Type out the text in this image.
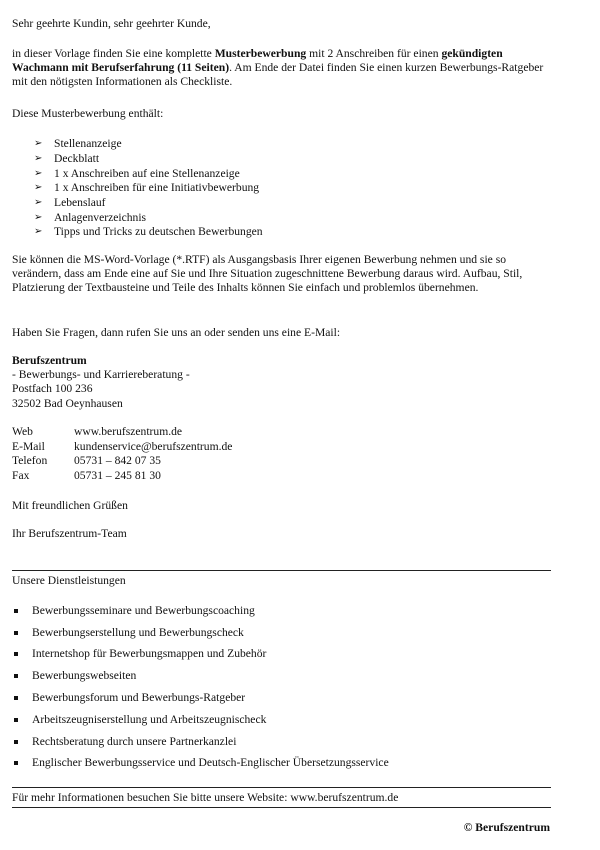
Sehr geehrte Kundin, sehr geehrter Kunde,

in dieser Vorlage finden Sie eine komplette Musterbewerbung mit 2 Anschreiben für einen gekündigten Wachmann mit Berufserfahrung (11 Seiten). Am Ende der Datei finden Sie einen kurzen Bewerbungs-Ratgeber mit den nötigsten Informationen als Checkliste.

Diese Musterbewerbung enthält:

➢	Stellenanzeige
➢	Deckblatt
➢	1 x Anschreiben auf eine Stellenanzeige
➢	1 x Anschreiben für eine Initiativbewerbung
➢	Lebenslauf
➢	Anlagenverzeichnis
➢	Tipps und Tricks zu deutschen Bewerbungen

Sie können die MS-Word-Vorlage (*.RTF) als Ausgangsbasis Ihrer eigenen Bewerbung nehmen und sie so verändern, dass am Ende eine auf Sie und Ihre Situation zugeschnittene Bewerbung daraus wird. Aufbau, Stil, Platzierung der Textbausteine und Teile des Inhalts können Sie einfach und problemlos übernehmen.

Haben Sie Fragen, dann rufen Sie uns an oder senden uns eine E-Mail:

Berufszentrum

- Bewerbungs- und Karriereberatung -

Postfach 100 236

32502 Bad Oeynhausen

Web	www.berufszentrum.de
E-Mail	kundenservice@berufszentrum.de
Telefon	05731 – 842 07 35
Fax	05731 – 245 81 30

Mit freundlichen Grüßen

Ihr Berufszentrum-Team

Unsere Dienstleistungen

Bewerbungsseminare und Bewerbungscoaching
Bewerbungserstellung und Bewerbungscheck
Internetshop für Bewerbungsmappen und Zubehör
Bewerbungswebseiten
Bewerbungsforum und Bewerbungs-Ratgeber
Arbeitszeugniserstellung und Arbeitszeugnischeck
Rechtsberatung durch unsere Partnerkanzlei
Englischer Bewerbungsservice und Deutsch-Englischer Übersetzungsservice

Für mehr Informationen besuchen Sie bitte unsere Website: www.berufszentrum.de

© Berufszentrum
